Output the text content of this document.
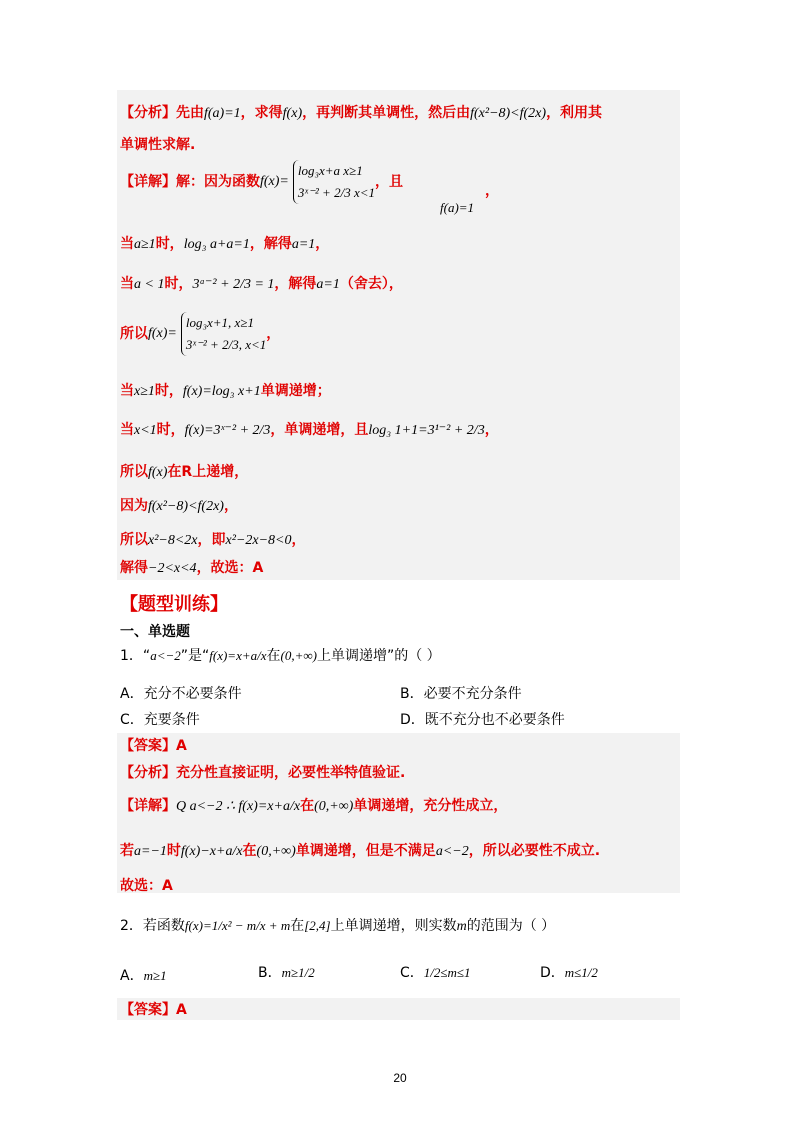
【分析】先由f(a)=1，求得f(x)，再判断其单调性，然后由f(x²−8)<f(2x)，利用其
单调性求解.
【详解】解：因为函数f(x)=
log₃x+a x≥1
3ˣ⁻² + 2/3 x<1
，且
f(a)=1
，
当a≥1时，log₃ a+a=1，解得a=1，
当a < 1时，3ᵃ⁻² + 2/3 = 1，解得a=1（舍去），
所以f(x)=
log₃x+1, x≥1
3ˣ⁻² + 2/3, x<1
，
当x≥1时，f(x)=log₃ x+1单调递增；
当x<1时，f(x)=3ˣ⁻² + 2/3，单调递增，且log₃ 1+1=3¹⁻² + 2/3，
所以f(x)在R上递增，
因为f(x²−8)<f(2x)，
所以x²−8<2x，即x²−2x−8<0，
解得−2<x<4，故选：A
【题型训练】
一、单选题
1．“a<−2”是“f(x)=x+a/x在(0,+∞)上单调递增”的（ ）
A．充分不必要条件	B．必要不充分条件
C．充要条件	D．既不充分也不必要条件
【答案】A
【分析】充分性直接证明，必要性举特值验证.
【详解】Q a<−2 ∴ f(x)=x+a/x在(0,+∞)单调递增，充分性成立，
若a=−1时f(x)−x+a/x在(0,+∞)单调递增，但是不满足a<−2，所以必要性不成立.
故选：A
2．若函数f(x)=1/x² − m/x + m在[2,4]上单调递增，则实数m的范围为（ ）
A．m≥1	B．m≥1/2	C．1/2≤m≤1	D．m≤1/2
【答案】A
20
